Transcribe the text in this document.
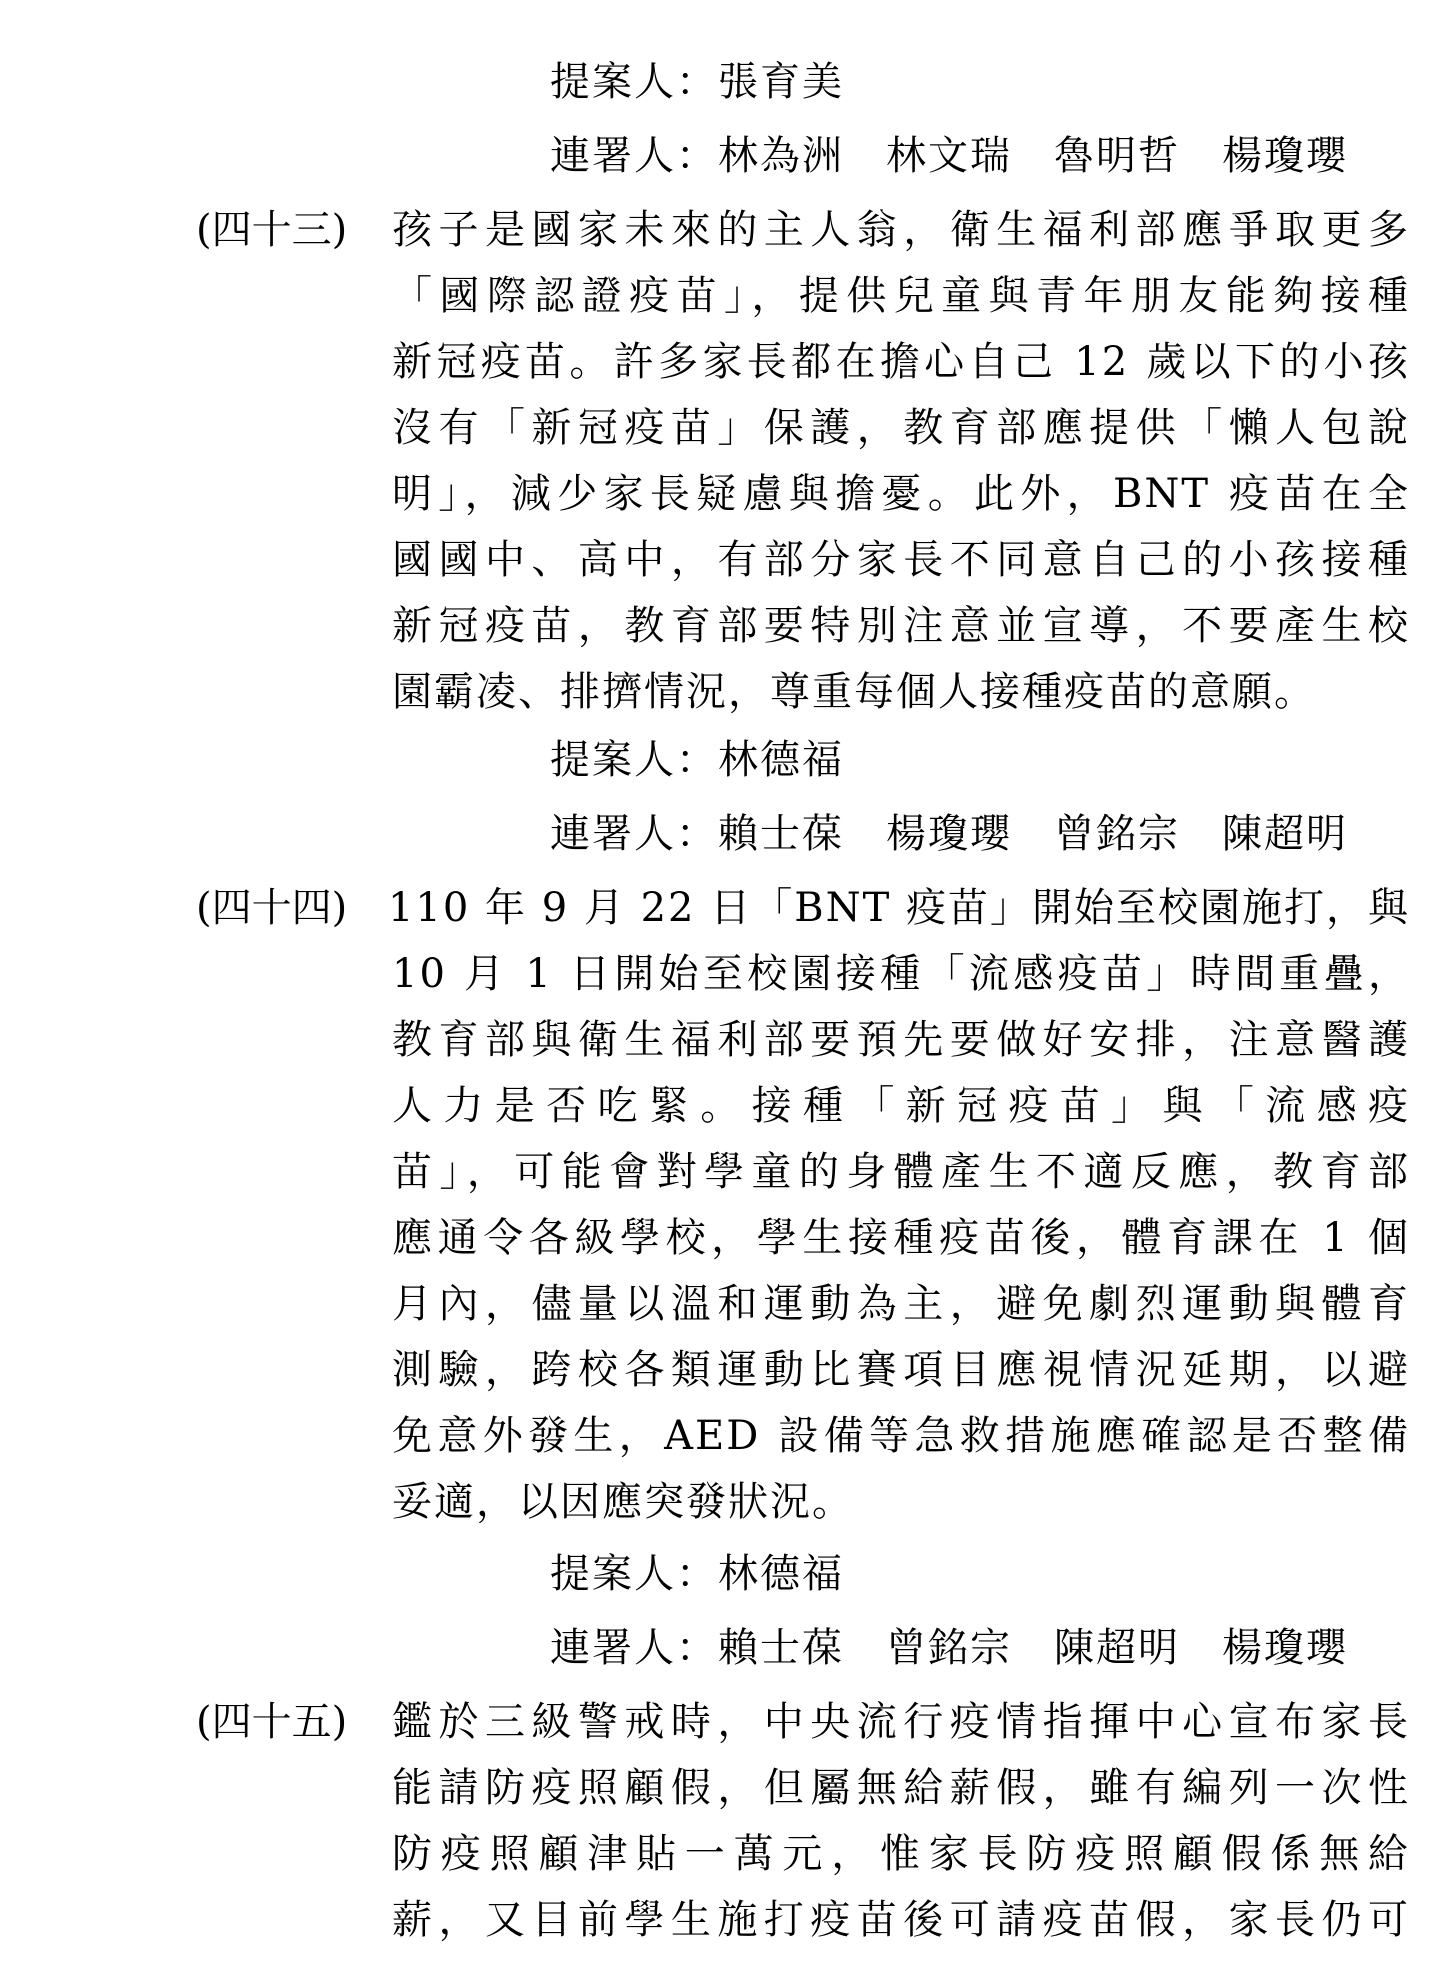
提案人：張育美
連署人：林為洲　林文瑞　魯明哲　楊瓊瓔
(四十三)	孩子是國家未來的主人翁，衛生福利部應爭取更多
「國際認證疫苗」，提供兒童與青年朋友能夠接種
新冠疫苗。許多家長都在擔心自己 12 歲以下的小孩
沒有「新冠疫苗」保護，教育部應提供「懶人包說
明」，減少家長疑慮與擔憂。此外，BNT 疫苗在全
國國中、高中，有部分家長不同意自己的小孩接種
新冠疫苗，教育部要特別注意並宣導，不要產生校
園霸凌、排擠情況，尊重每個人接種疫苗的意願。
提案人：林德福
連署人：賴士葆　楊瓊瓔　曾銘宗　陳超明
(四十四)	110 年 9 月 22 日「BNT 疫苗」開始至校園施打，與
10 月 1 日開始至校園接種「流感疫苗」時間重疊，
教育部與衛生福利部要預先要做好安排，注意醫護
人力是否吃緊。接種「新冠疫苗」與「流感疫
苗」，可能會對學童的身體產生不適反應，教育部
應通令各級學校，學生接種疫苗後，體育課在 1 個
月內，儘量以溫和運動為主，避免劇烈運動與體育
測驗，跨校各類運動比賽項目應視情況延期，以避
免意外發生，AED 設備等急救措施應確認是否整備
妥適，以因應突發狀況。
提案人：林德福
連署人：賴士葆　曾銘宗　陳超明　楊瓊瓔
(四十五)	鑑於三級警戒時，中央流行疫情指揮中心宣布家長
能請防疫照顧假，但屬無給薪假，雖有編列一次性
防疫照顧津貼一萬元，惟家長防疫照顧假係無給
薪，又目前學生施打疫苗後可請疫苗假，家長仍可
